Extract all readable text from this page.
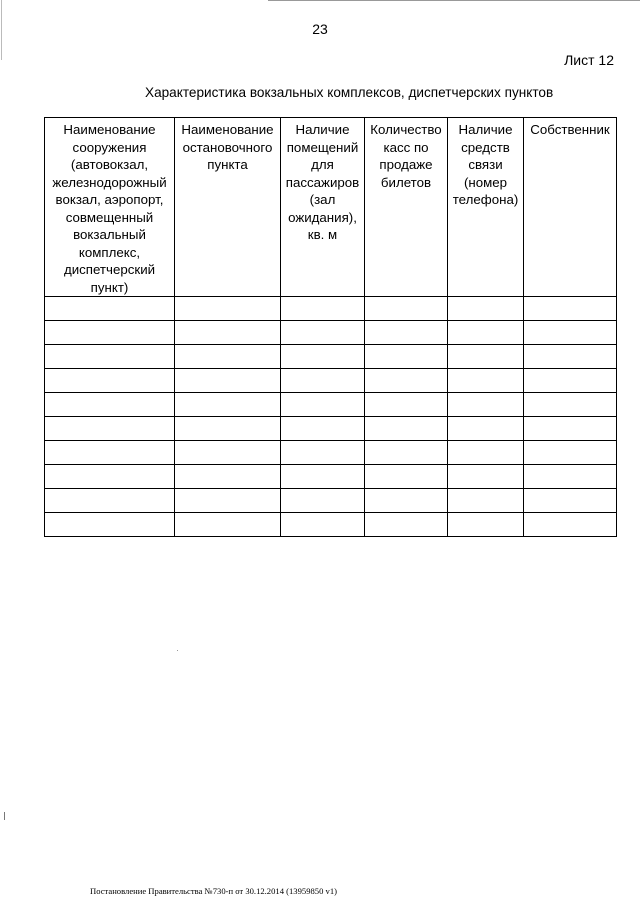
23
Лист 12
Характеристика вокзальных комплексов, диспетчерских пунктов
Наименование сооружения (автовокзал, железнодорожный вокзал, аэропорт, совмещенный вокзальный комплекс, диспетчерский пункт)	Наименование остановочного пункта	Наличие помещений для пассажиров (зал ожидания), кв. м	Количество касс по продаже билетов	Наличие средств связи (номер телефона)	Собственник

Постановление Правительства №730-п от 30.12.2014 (13959850 v1)
